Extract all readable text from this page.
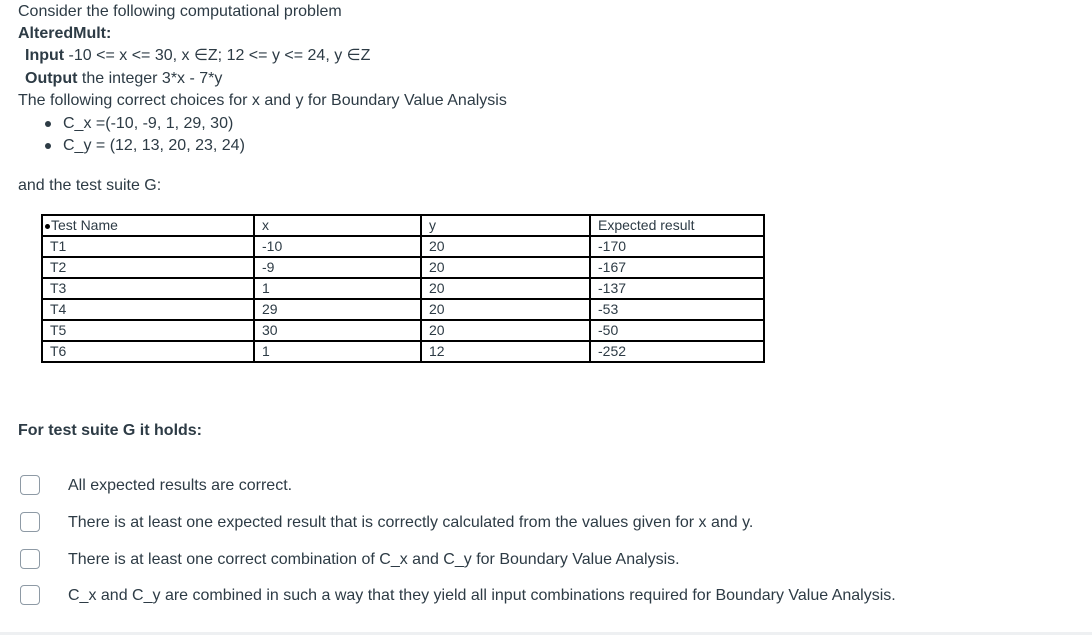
Consider the following computational problem
AlteredMult:
Input -10 <= x <= 30, x ∈Z; 12 <= y <= 24, y ∈Z
Output the integer 3*x - 7*y
The following correct choices for x and y for Boundary Value Analysis
C_x =(-10, -9, 1, 29, 30)
C_y = (12, 13, 20, 23, 24)
and the test suite G:
Test Name	x	y	Expected result
T1	-10	20	-170
T2	-9	20	-167
T3	1	20	-137
T4	29	20	-53
T5	30	20	-50
T6	1	12	-252
For test suite G it holds:
All expected results are correct.
There is at least one expected result that is correctly calculated from the values given for x and y.
There is at least one correct combination of C_x and C_y for Boundary Value Analysis.
C_x and C_y are combined in such a way that they yield all input combinations required for Boundary Value Analysis.
